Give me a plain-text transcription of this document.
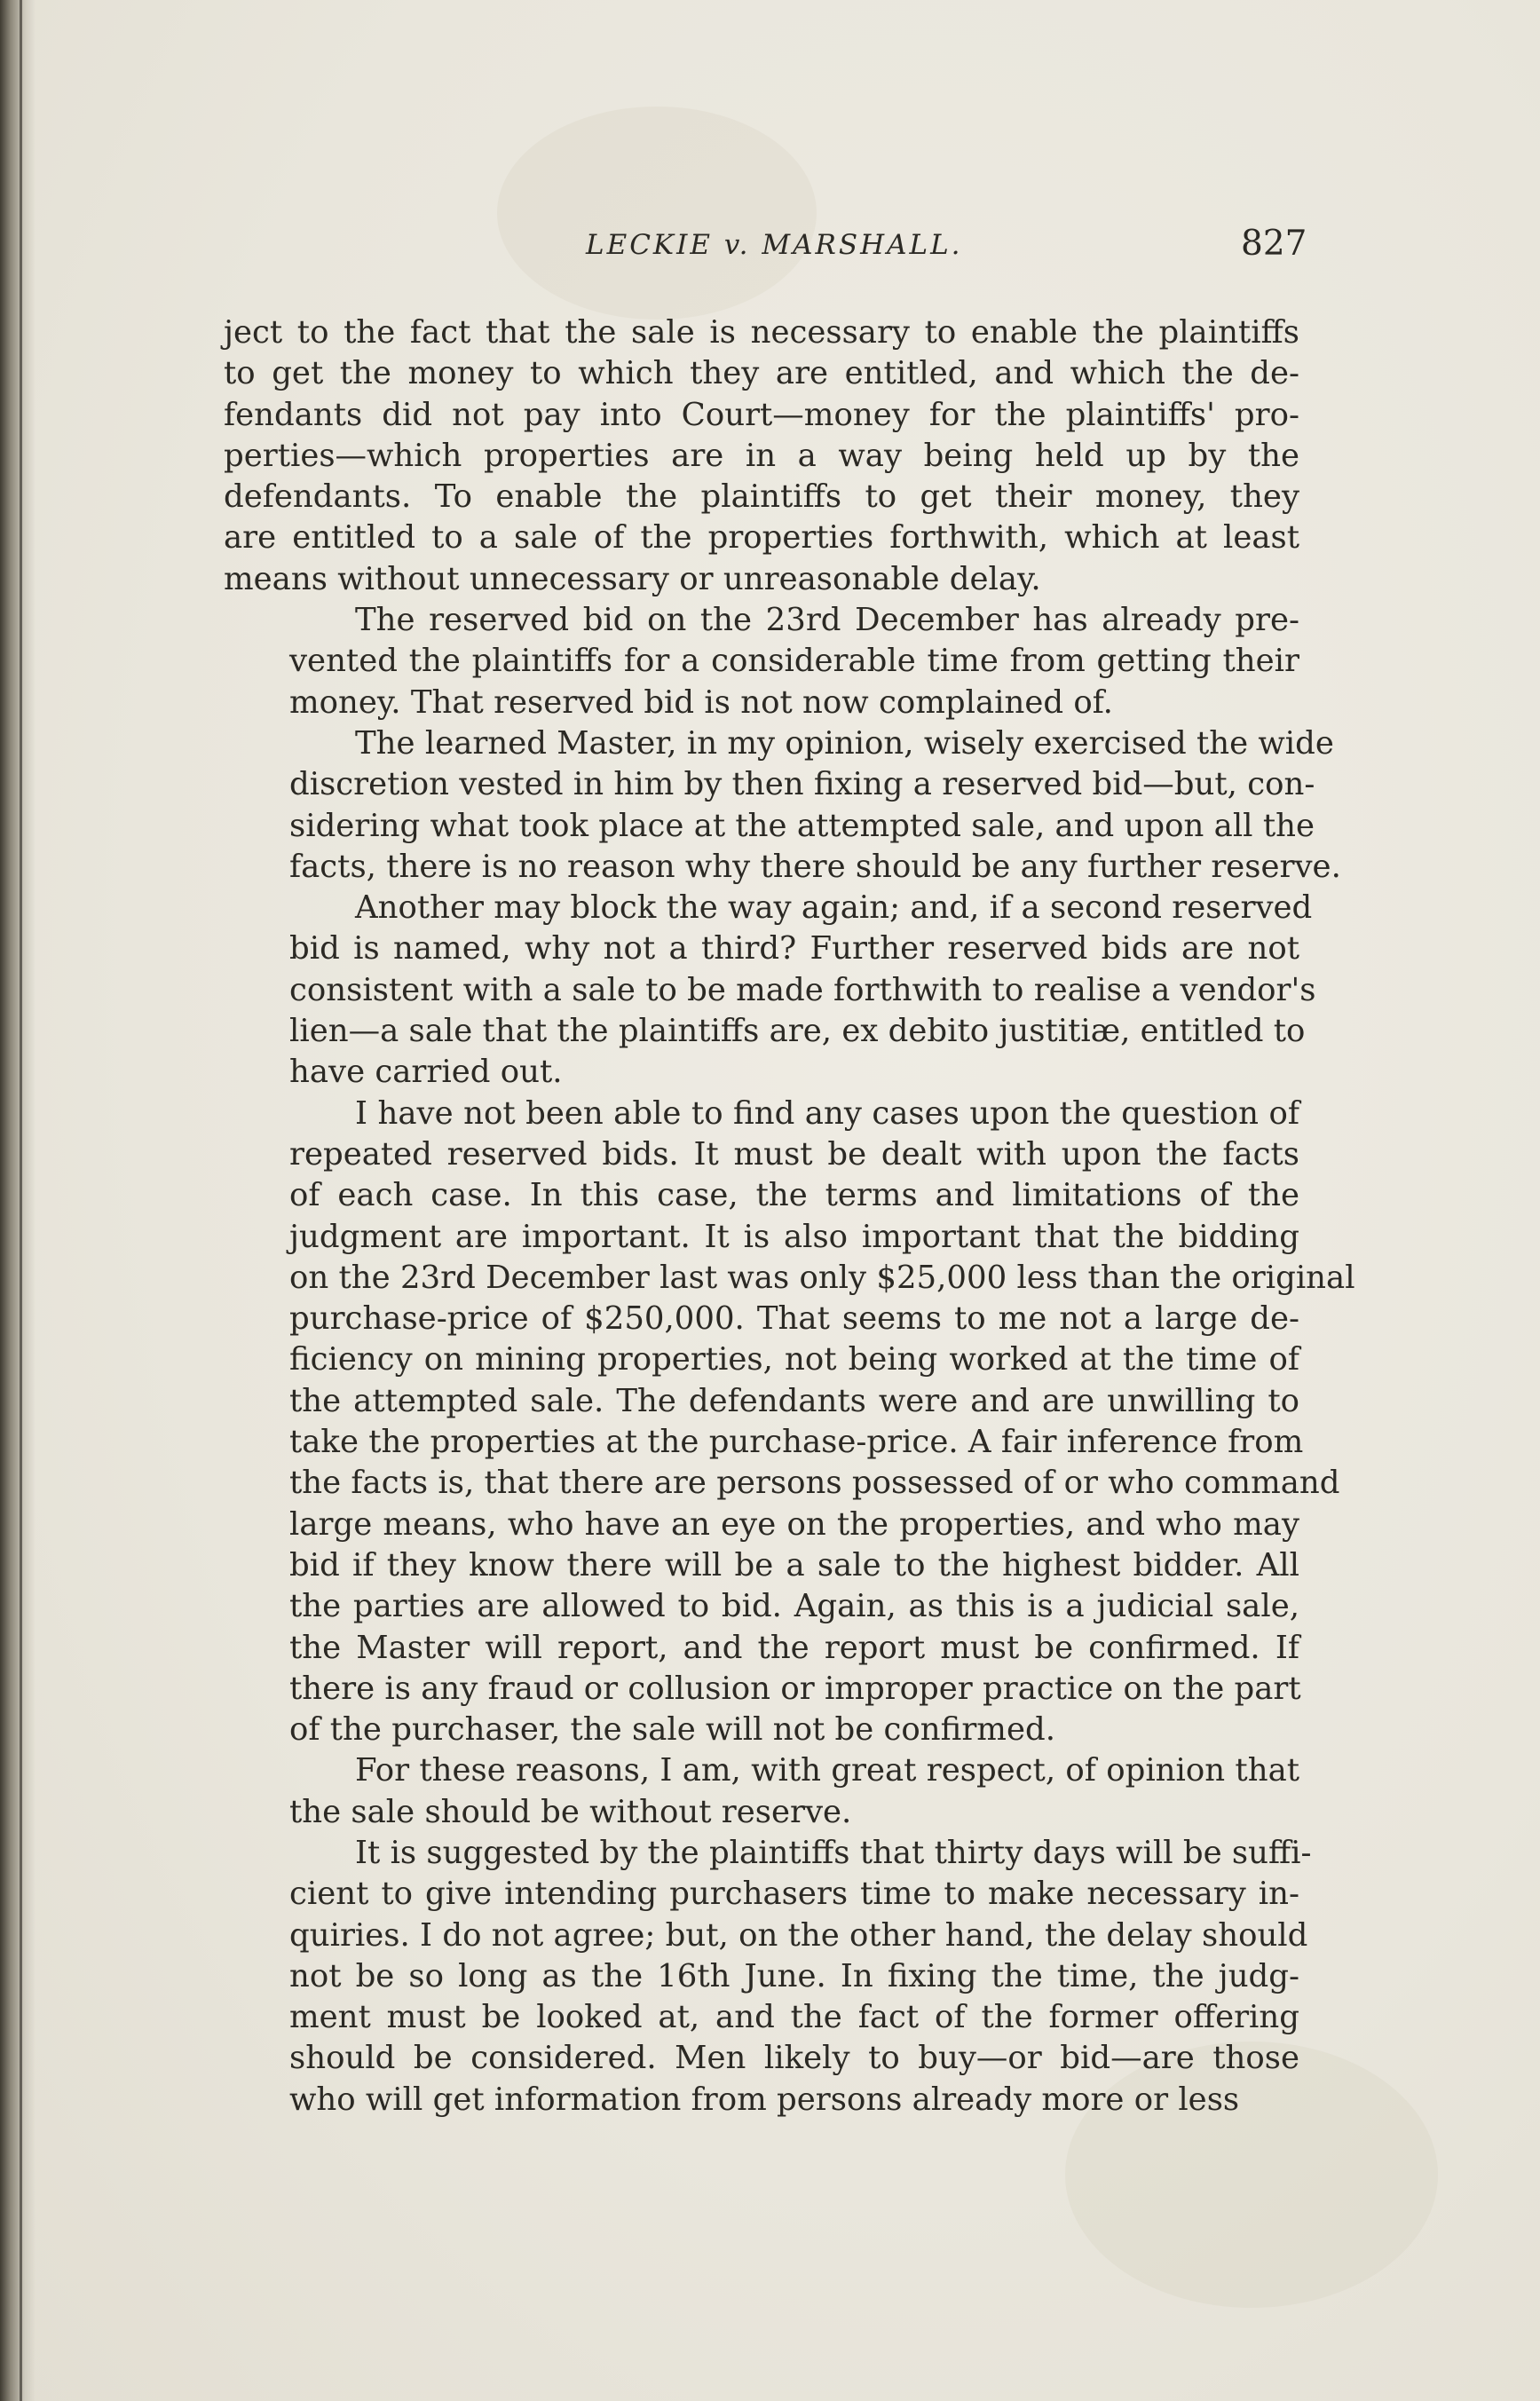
LECKIE v. MARSHALL.	827
ject to the fact that the sale is necessary to enable the plaintiffs
to get the money to which they are entitled, and which the de-
fendants did not pay into Court—money for the plaintiffs' pro-
perties—which properties are in a way being held up by the
defendants. To enable the plaintiffs to get their money, they
are entitled to a sale of the properties forthwith, which at least
means without unnecessary or unreasonable delay.
The reserved bid on the 23rd December has already pre-
vented the plaintiffs for a considerable time from getting their
money. That reserved bid is not now complained of.
The learned Master, in my opinion, wisely exercised the wide
discretion vested in him by then fixing a reserved bid—but, con-
sidering what took place at the attempted sale, and upon all the
facts, there is no reason why there should be any further reserve.
Another may block the way again; and, if a second reserved
bid is named, why not a third? Further reserved bids are not
consistent with a sale to be made forthwith to realise a vendor's
lien—a sale that the plaintiffs are, ex debito justitiæ, entitled to
have carried out.
I have not been able to find any cases upon the question of
repeated reserved bids. It must be dealt with upon the facts
of each case. In this case, the terms and limitations of the
judgment are important. It is also important that the bidding
on the 23rd December last was only $25,000 less than the original
purchase-price of $250,000. That seems to me not a large de-
ficiency on mining properties, not being worked at the time of
the attempted sale. The defendants were and are unwilling to
take the properties at the purchase-price. A fair inference from
the facts is, that there are persons possessed of or who command
large means, who have an eye on the properties, and who may
bid if they know there will be a sale to the highest bidder. All
the parties are allowed to bid. Again, as this is a judicial sale,
the Master will report, and the report must be confirmed. If
there is any fraud or collusion or improper practice on the part
of the purchaser, the sale will not be confirmed.
For these reasons, I am, with great respect, of opinion that
the sale should be without reserve.
It is suggested by the plaintiffs that thirty days will be suffi-
cient to give intending purchasers time to make necessary in-
quiries. I do not agree; but, on the other hand, the delay should
not be so long as the 16th June. In fixing the time, the judg-
ment must be looked at, and the fact of the former offering
should be considered. Men likely to buy—or bid—are those
who will get information from persons already more or less
